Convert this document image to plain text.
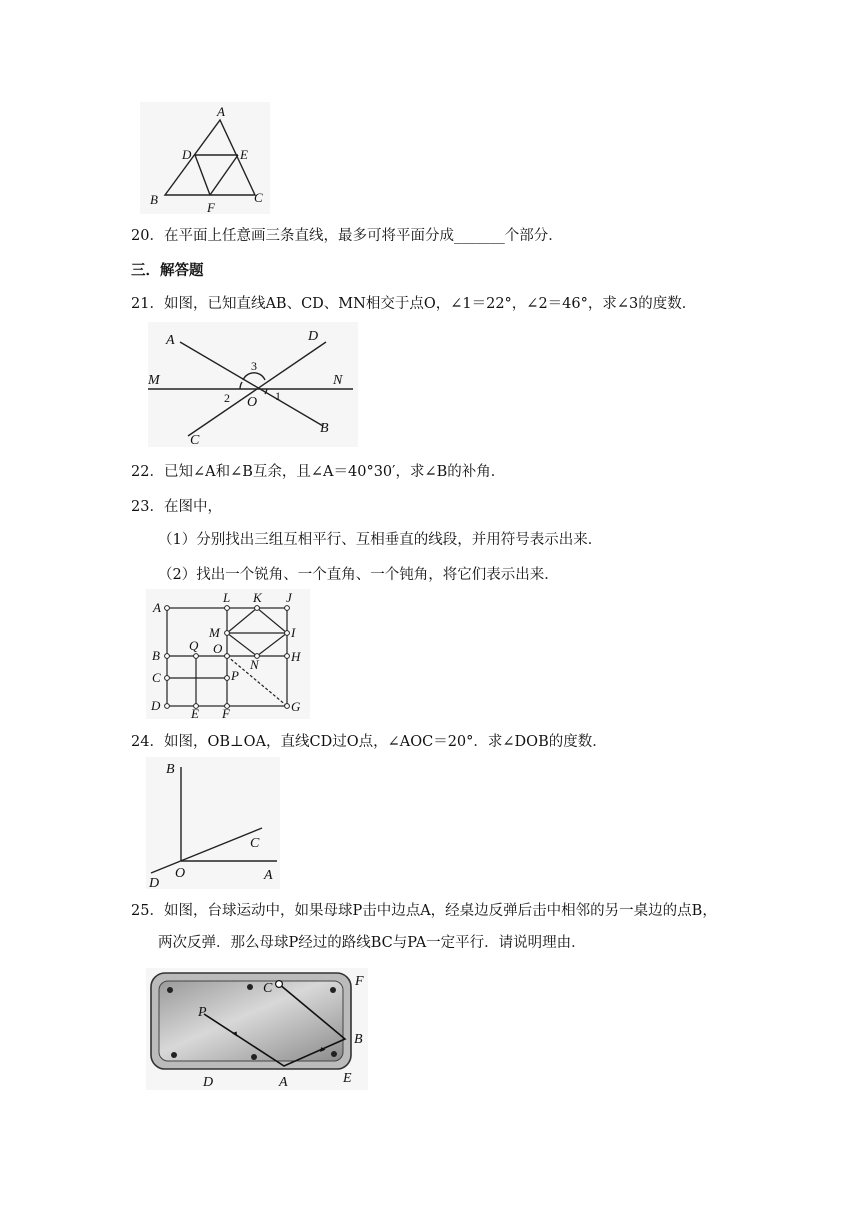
A
D	E
B	C
F
20．在平面上任意画三条直线，最多可将平面分成_______个部分．
三．解答题
21．如图，已知直线AB、CD、MN相交于点O，∠1＝22°，∠2＝46°，求∠3的度数．
A	D
M	N
3
2	1
O
C
B
22．已知∠A和∠B互余，且∠A＝40°30′，求∠B的补角．
23．在图中，
（1）分别找出三组互相平行、互相垂直的线段，并用符号表示出来．
（2）找出一个锐角、一个直角、一个钝角，将它们表示出来．
A
L K J
M	I
Q O
B
N
H
C	P
D
E F	G
24．如图，OB⊥OA，直线CD过O点，∠AOC＝20°．求∠DOB的度数．
B
C
O	A
D
25．如图，台球运动中，如果母球P击中边点A，经桌边反弹后击中相邻的另一桌边的点B，
两次反弹．那么母球P经过的路线BC与PA一定平行．请说明理由．
P
C	F
B
D	A	E
